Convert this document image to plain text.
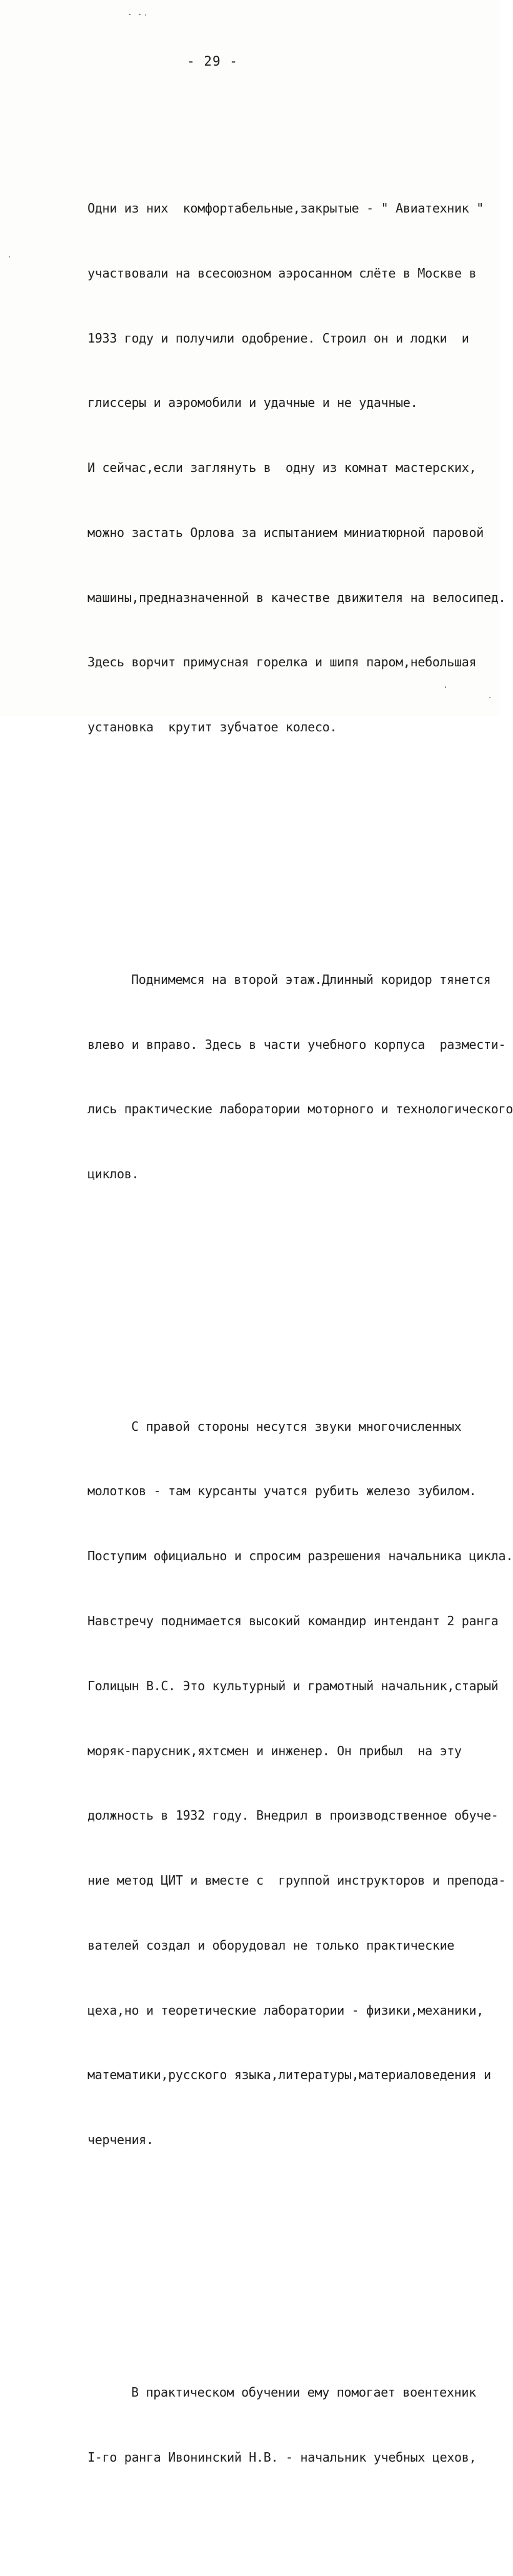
- 29 -

Одни из них  комфортабельные,закрытые - " Авиатехник "

участвовали на всесоюзном аэросанном слёте в Москве в

1933 году и получили одобрение. Строил он и лодки  и

глиссеры и аэромобили и удачные и не удачные.

И сейчас,если заглянуть в  одну из комнат мастерских,

можно застать Орлова за испытанием миниатюрной паровой

машины,предназначенной в качестве движителя на велосипед.

Здесь ворчит примусная горелка и шипя паром,небольшая

установка  крутит зубчатое колесо.

Поднимемся на второй этаж.Длинный коридор тянется

влево и вправо. Здесь в части учебного корпуса  размести-

лись практические лаборатории моторного и технологического

циклов.

С правой стороны несутся звуки многочисленных

молотков - там курсанты учатся рубить железо зубилом.

Поступим официально и спросим разрешения начальника цикла.

Навстречу поднимается высокий командир интендант 2 ранга

Голицын В.С. Это культурный и грамотный начальник,старый

моряк-парусник,яхтсмен и инженер. Он прибыл  на эту

должность в 1932 году. Внедрил в производственное обуче-

ние метод ЦИТ и вместе с  группой инструкторов и препода-

вателей создал и оборудовал не только практические

цеха,но и теоретические лаборатории - физики,механики,

математики,русского языка,литературы,материаловедения и

черчения.

В практическом обучении ему помогает воентехник

I-го ранга Ивонинский Н.В. - начальник учебных цехов,
